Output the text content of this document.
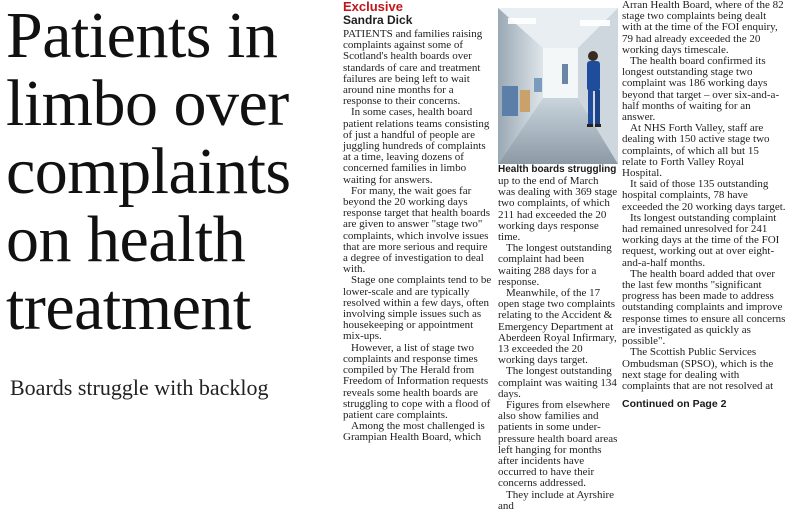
Patients in
limbo over
complaints
on health
treatment
Boards struggle with backlog
Exclusive
Sandra Dick

PATIENTS and families raising complaints against some of Scotland's health boards over standards of care and treatment failures are being left to wait around nine months for a response to their concerns.

In some cases, health board patient relations teams consisting of just a handful of people are juggling hundreds of complaints at a time, leaving dozens of concerned families in limbo waiting for answers.

For many, the wait goes far beyond the 20 working days response target that health boards are given to answer "stage two" complaints, which involve issues that are more serious and require a degree of investigation to deal with.

Stage one complaints tend to be lower-scale and are typically resolved within a few days, often involving simple issues such as housekeeping or appointment mix-ups.

However, a list of stage two complaints and response times compiled by The Herald from Freedom of Information requests reveals some health boards are struggling to cope with a flood of patient care complaints.

Among the most challenged is Grampian Health Board, which

Health boards struggling

up to the end of March was dealing with 369 stage two complaints, of which 211 had exceeded the 20 working days response time.

The longest outstanding complaint had been waiting 288 days for a response.

Meanwhile, of the 17 open stage two complaints relating to the Accident & Emergency Department at Aberdeen Royal Infirmary, 13 exceeded the 20 working days target.

The longest outstanding complaint was waiting 134 days.

Figures from elsewhere also show families and patients in some under-pressure health board areas left hanging for months after incidents have occurred to have their concerns addressed.

They include at Ayrshire and

Arran Health Board, where of the 82 stage two complaints being dealt with at the time of the FOI enquiry, 79 had already exceeded the 20 working days timescale.

The health board confirmed its longest outstanding stage two complaint was 186 working days beyond that target – over six-and-a-half months of waiting for an answer.

At NHS Forth Valley, staff are dealing with 150 active stage two complaints, of which all but 15 relate to Forth Valley Royal Hospital.

It said of those 135 outstanding hospital complaints, 78 have exceeded the 20 working days target.

Its longest outstanding complaint had remained unresolved for 241 working days at the time of the FOI request, working out at over eight-and-a-half months.

The health board added that over the last few months "significant progress has been made to address outstanding complaints and improve response times to ensure all concerns are investigated as quickly as possible".

The Scottish Public Services Ombudsman (SPSO), which is the next stage for dealing with complaints that are not resolved at

Continued on Page 2
